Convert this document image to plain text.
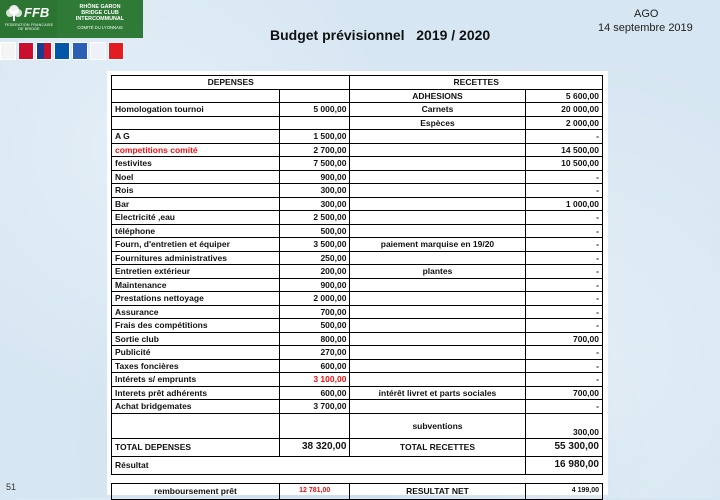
FFB
FEDERATION FRANCAISE DE BRIDGE
RHÔNE GARON
BRIDGE CLUB
INTERCOMMUNAL
COMITÉ DU LYONNAIS	Budget prévisionnel   2019 / 2020
AGO
14 septembre 2019
DEPENSES		RECETTES	
		ADHESIONS	5 600,00
Homologation tournoi	5 000,00	Carnets	20 000,00
		Espèces	2 000,00
A G	1 500,00		-
competitions comité	2 700,00		14 500,00
festivites	7 500,00		10 500,00
Noel	900,00		-
Rois	300,00		-
Bar	300,00		1 000,00
Electricité ,eau	2 500,00		-
téléphone	500,00		-
Fourn, d'entretien et équiper	3 500,00	paiement marquise en 19/20	-
Fournitures administratives	250,00		-
Entretien extérieur	200,00	plantes	-
Maintenance	900,00		-
Prestations nettoyage	2 000,00		-
Assurance	700,00		-
Frais des compétitions	500,00		-
Sortie club	800,00		700,00
Publicité	270,00		-
Taxes foncières	600,00		-
Intérets s/ emprunts	3 100,00		-
Interets prêt adhérents	600,00	intérêt livret et parts sociales	700,00
Achat bridgemates	3 700,00		-
		subventions	300,00
TOTAL DEPENSES	38 320,00	TOTAL RECETTES	55 300,00
Résultat			16 980,00

remboursement prêt	12 781,00	RESULTAT NET	4 199,00
51
